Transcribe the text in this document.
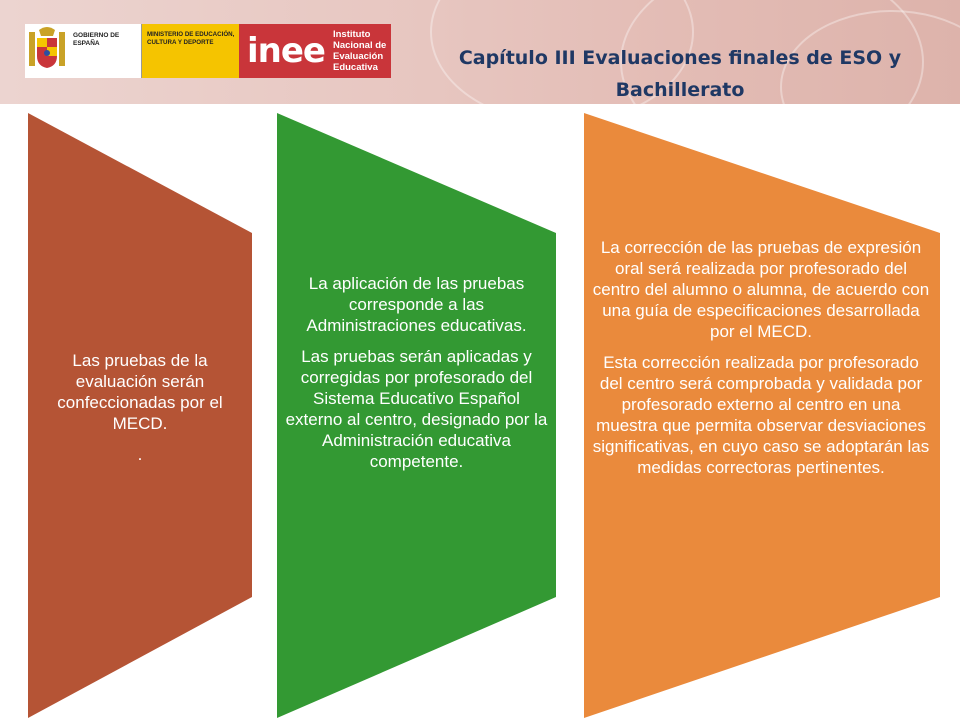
GOBIERNO DE ESPAÑA
MINISTERIO DE EDUCACIÓN, CULTURA Y DEPORTE inee Instituto Nacional de Evaluación Educativa	Capítulo III Evaluaciones finales de ESO y Bachillerato

Las pruebas de la evaluación serán confeccionadas por el MECD.

.

La aplicación de las pruebas corresponde a las Administraciones educativas.

Las pruebas serán aplicadas y corregidas por profesorado del Sistema Educativo Español externo al centro, designado por la Administración educativa competente.

La corrección de las pruebas de expresión oral será realizada por profesorado del centro del alumno o alumna, de acuerdo con una guía de especificaciones desarrollada por el MECD.

Esta corrección realizada por profesorado del centro será comprobada y validada por profesorado externo al centro en una muestra que permita observar desviaciones significativas, en cuyo caso se adoptarán las medidas correctoras pertinentes.
